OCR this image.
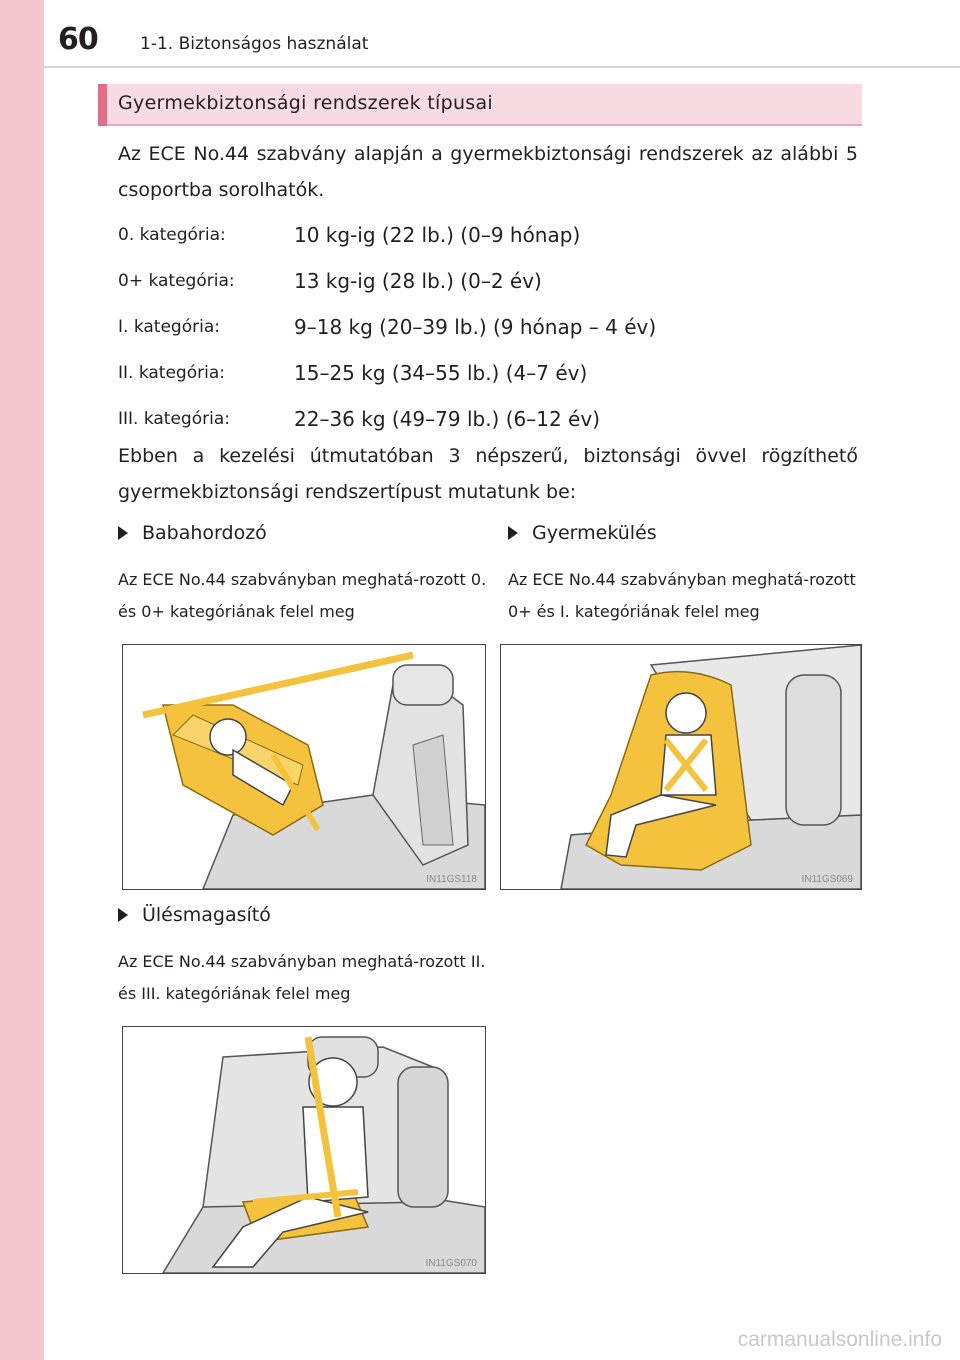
60 1-1. Biztonságos használat
Gyermekbiztonsági rendszerek típusai
Az ECE No.44 szabvány alapján a gyermekbiztonsági rendszerek az alábbi 5 csoportba sorolhatók.
0. kategória:	10 kg-ig (22 lb.) (0–9 hónap)
0+ kategória:	13 kg-ig (28 lb.) (0–2 év)
I. kategória:	9–18 kg (20–39 lb.) (9 hónap – 4 év)
II. kategória:	15–25 kg (34–55 lb.) (4–7 év)
III. kategória:	22–36 kg (49–79 lb.) (6–12 év)
Ebben a kezelési útmutatóban 3 népszerű, biztonsági övvel rögzíthető gyermekbiztonsági rendszertípust mutatunk be:
Babahordozó
Az ECE No.44 szabványban meghatá-rozott 0. és 0+ kategóriának felel meg
IN11GS118
Gyermekülés
Az ECE No.44 szabványban meghatá-rozott 0+ és I. kategóriának felel meg
IN11GS069
Ülésmagasító
Az ECE No.44 szabványban meghatá-rozott II. és III. kategóriának felel meg
IN11GS070
carmanualsonline.info
